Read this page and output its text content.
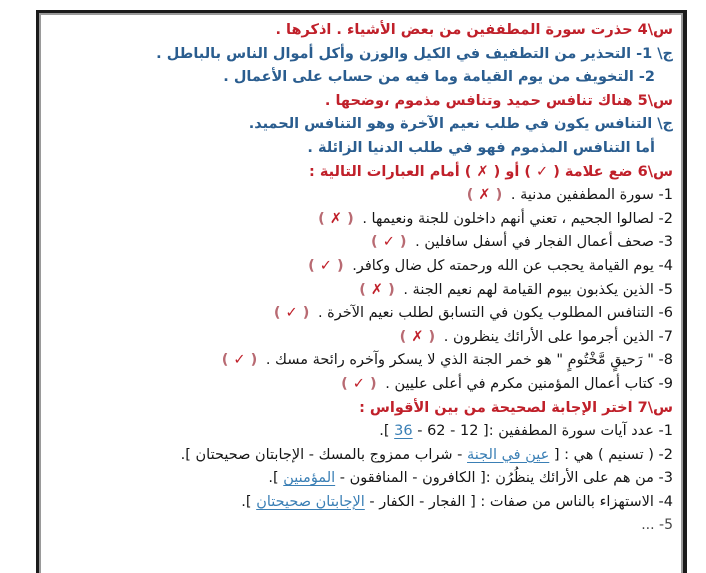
س\4 حذرت سورة المطففين من بعض الأشياء . اذكرها .
ج\ 1- التحذير من التطفيف في الكيل والوزن وأكل أموال الناس بالباطل .
2- التخويف من يوم القيامة وما فيه من حساب على الأعمال .
س\5 هناك تنافس حميد وتنافس مذموم ،وضحها .
ج\ التنافس يكون في طلب نعيم الآخرة وهو التنافس الحميد.
أما التنافس المذموم فهو في طلب الدنيا الزائلة .
س\6 ضع علامة ( ✓ ) أو ( ✗ ) أمام العبارات التالية :
1- سورة المطففين مدنية . ( ✗ )
2- لصالوا الجحيم ، تعني أنهم داخلون للجنة ونعيمها . ( ✗ )
3- صحف أعمال الفجار في أسفل سافلين . ( ✓ )
4- يوم القيامة يحجب عن الله ورحمته كل ضال وكافر. ( ✓ )
5- الذين يكذبون بيوم القيامة لهم نعيم الجنة . ( ✗ )
6- التنافس المطلوب يكون في التسابق لطلب نعيم الآخرة . ( ✓ )
7- الذين أجرموا على الأرائك ينظرون . ( ✗ )
8- " رَحيقٍ مَّخْتُومٍ " هو خمر الجنة الذي لا يسكر وآخره رائحة مسك . ( ✓ )
9- كتاب أعمال المؤمنين مكرم في أعلى عليين . ( ✓ )
س\7 اختر الإجابة لصحيحة من بين الأقواس :
1- عدد آيات سورة المطففين :[ 12 - 62 - 36 ].
2- ( تسنيم ) هي : [ عين في الجنة - شراب ممزوج بالمسك - الإجابتان صحيحتان ].
3- من هم على الأرائك ينظُرُن :[ الكافرون - المنافقون - المؤمنين ].
4- الاستهزاء بالناس من صفات : [ الفجار - الكفار - الإجابتان صحيحتان ].
5- ...
